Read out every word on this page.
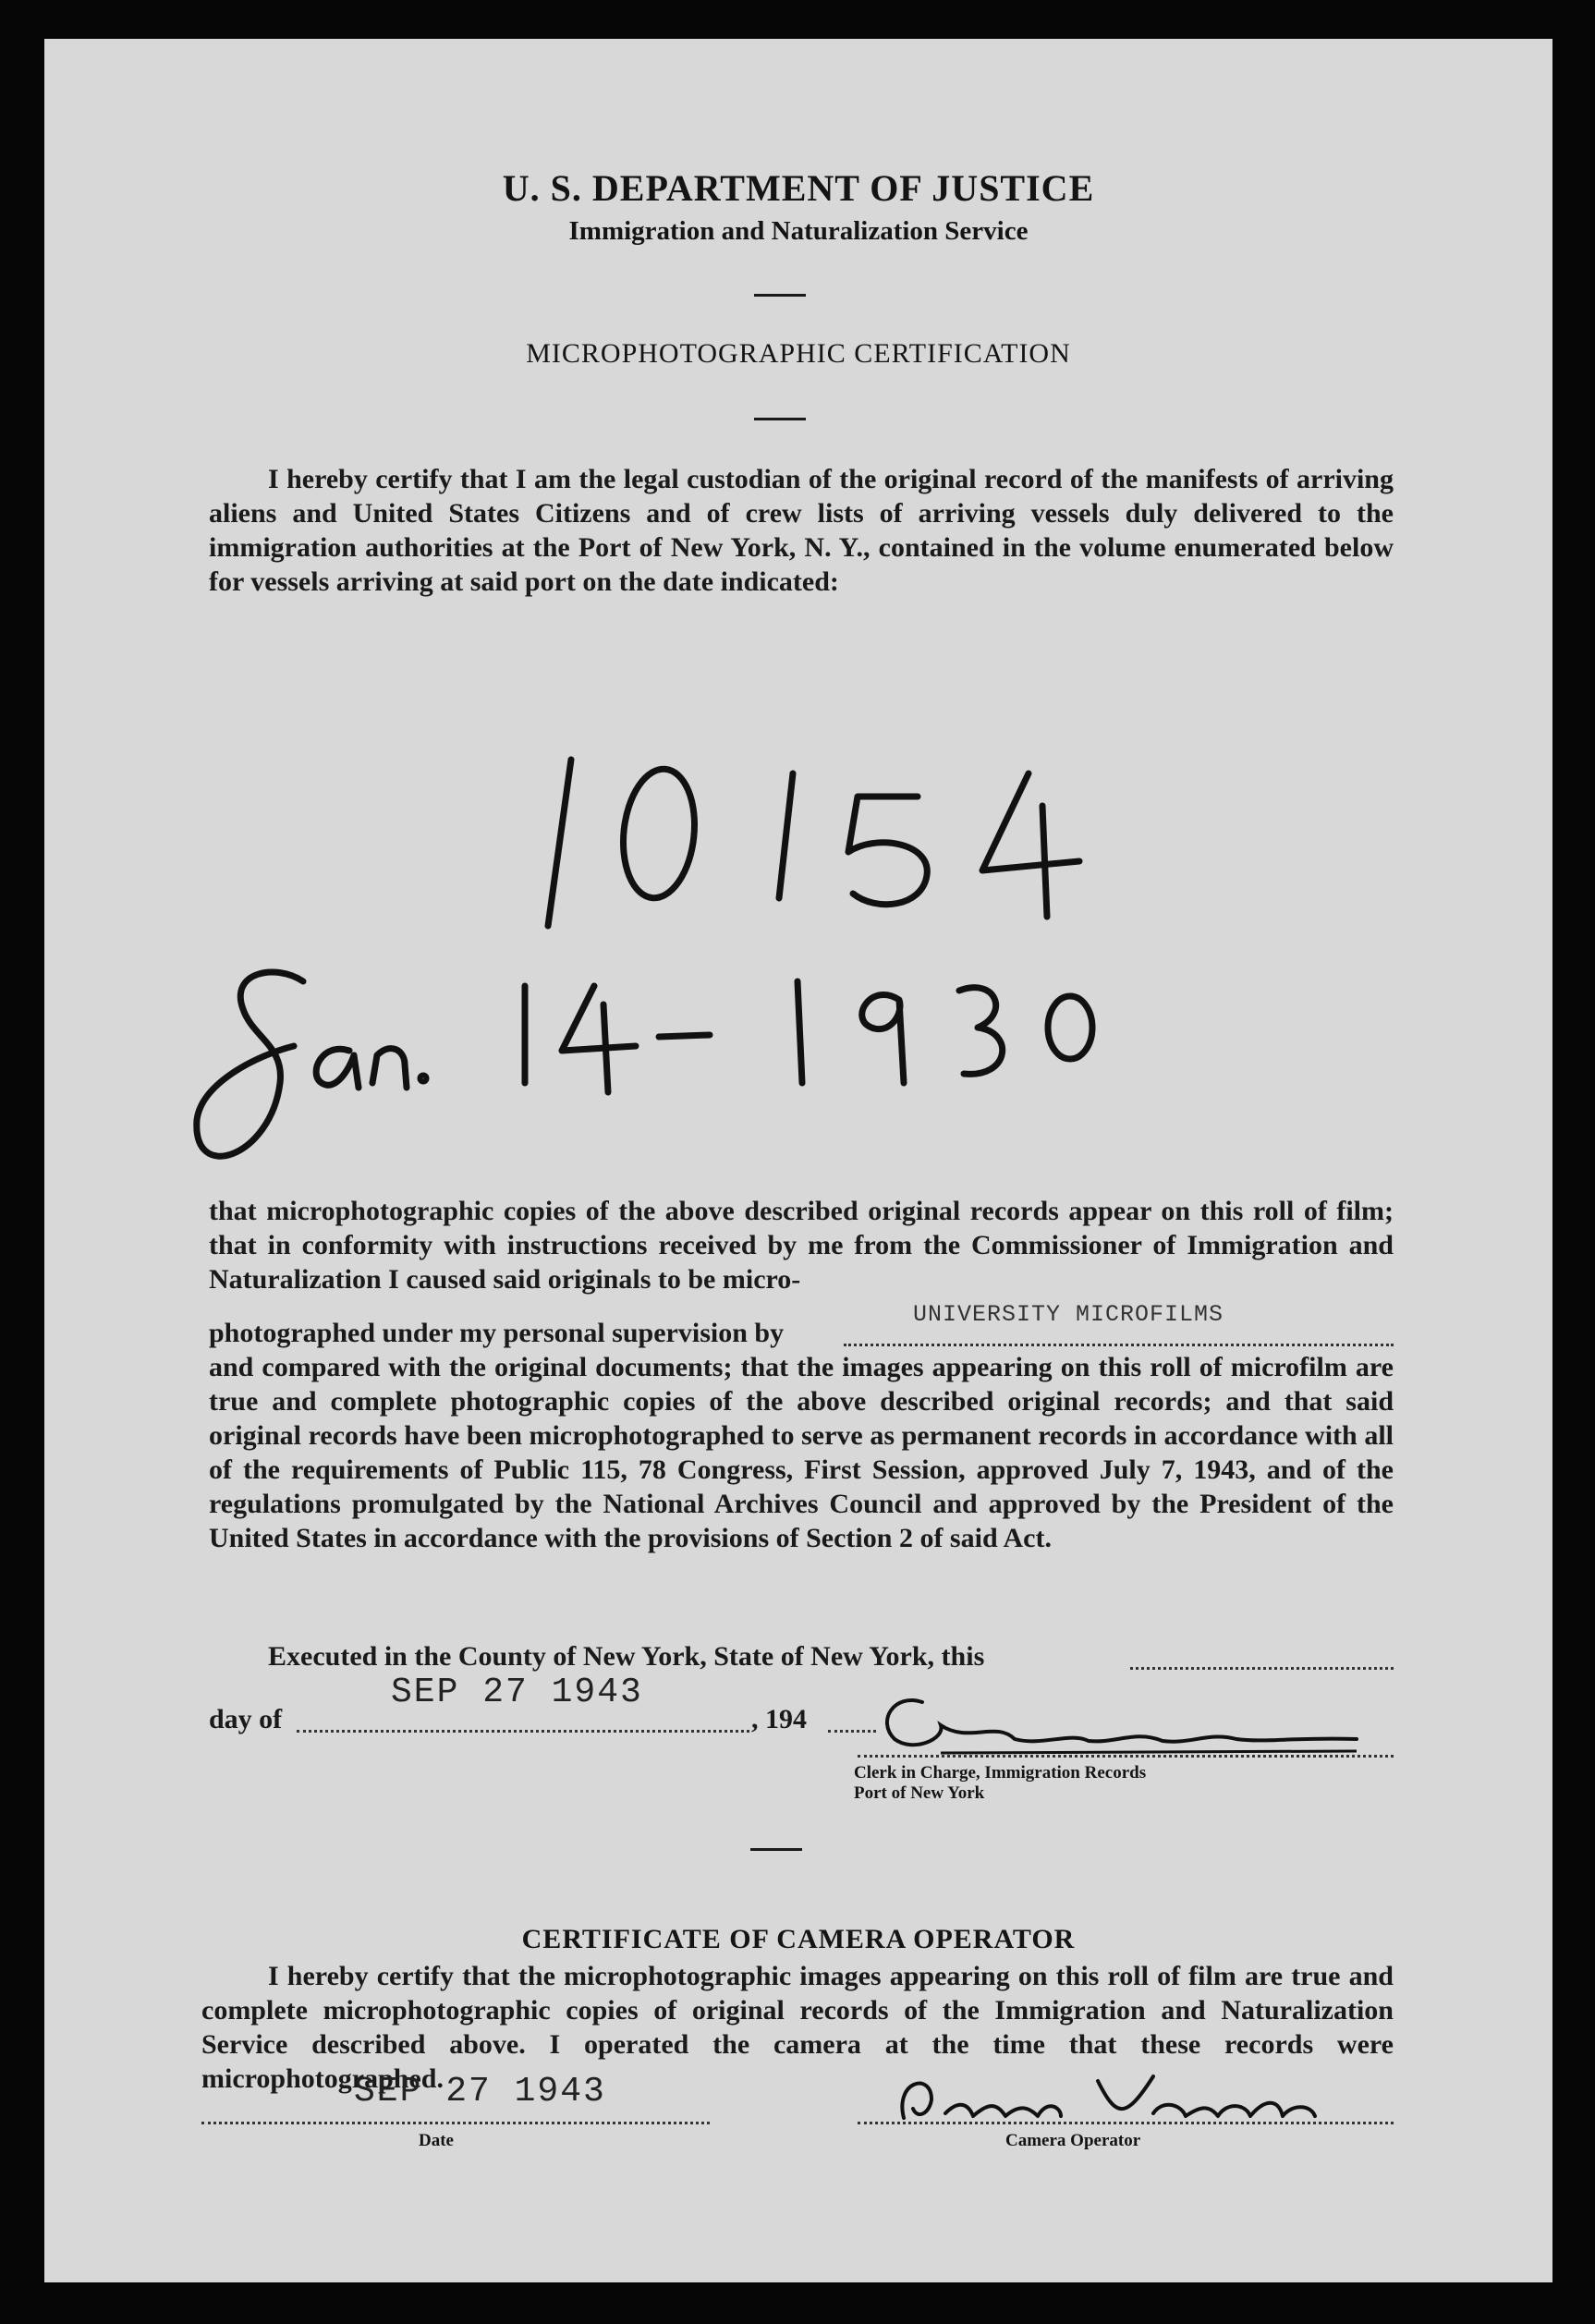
U. S. DEPARTMENT OF JUSTICE
Immigration and Naturalization Service
MICROPHOTOGRAPHIC CERTIFICATION
I hereby certify that I am the legal custodian of the original record of the manifests of arriving aliens and United States Citizens and of crew lists of arriving vessels duly delivered to the immigration authorities at the Port of New York, N. Y., contained in the volume enumerated below for vessels arriving at said port on the date indicated:
that microphotographic copies of the above described original records appear on this roll of film; that in conformity with instructions received by me from the Commissioner of Immigration and Naturalization I caused said originals to be micro-
photographed under my personal supervision by
UNIVERSITY MICROFILMS
and compared with the original documents; that the images appearing on this roll of microfilm are true and complete photographic copies of the above described original records; and that said original records have been microphotographed to serve as permanent records in accordance with all of the requirements of Public 115, 78 Congress, First Session, approved July 7, 1943, and of the regulations promulgated by the National Archives Council and approved by the President of the United States in accordance with the provisions of Section 2 of said Act.
Executed in the County of New York, State of New York, this
day of
SEP 27 1943
, 194
Clerk in Charge, Immigration Records
Port of New York
CERTIFICATE OF CAMERA OPERATOR
I hereby certify that the microphotographic images appearing on this roll of film are true and complete microphotographic copies of original records of the Immigration and Naturalization Service described above. I operated the camera at the time that these records were microphotographed.
SEP 27 1943
Date	Camera Operator
